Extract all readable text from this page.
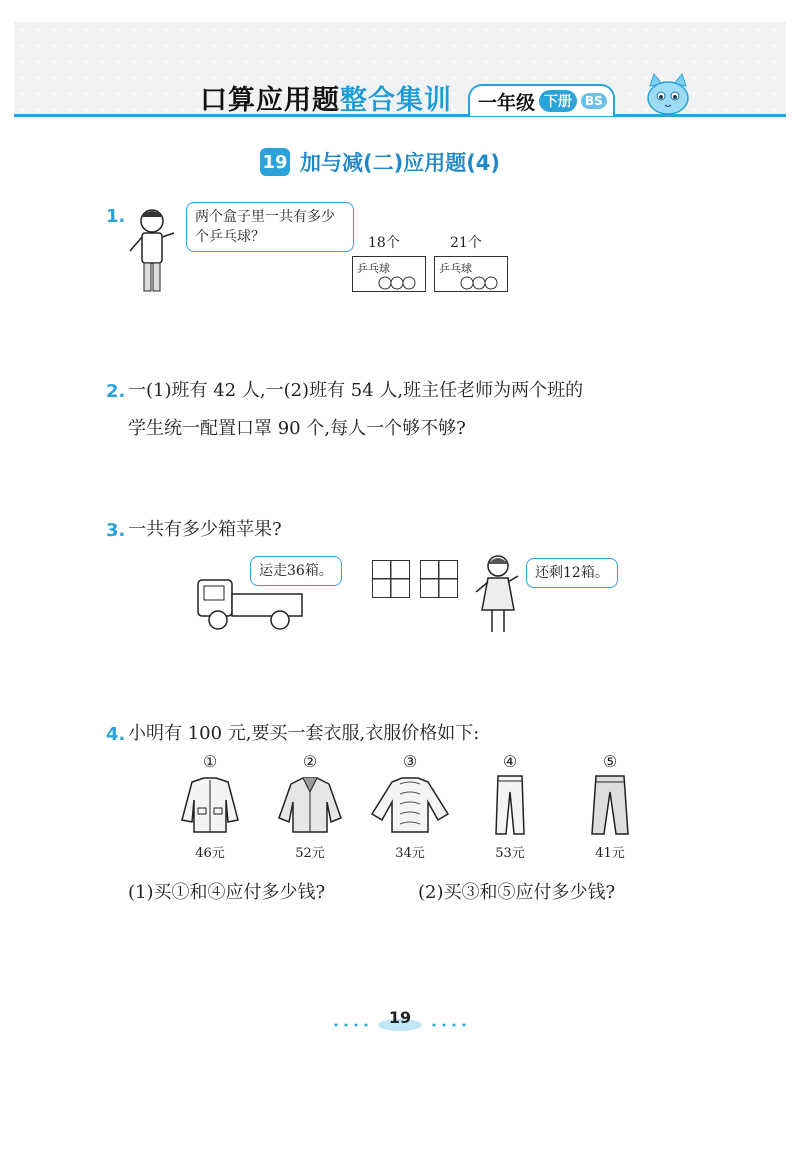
口算应用题整合集训 一年级 下册	BS
19 加与减(二)应用题(4)
1.	两个盒子里一共有多少个乒乓球？	18个	21个
乒乓球	乒乓球
2. 一(1)班有 42 人,一(2)班有 54 人,班主任老师为两个班的
学生统一配置口罩 90 个,每人一个够不够?
3. 一共有多少箱苹果?
运走36箱。	还剩12箱。
4. 小明有 100 元,要买一套衣服,衣服价格如下:
①
46元
②
52元
③
34元
④
53元
⑤
41元
(1)买①和④应付多少钱?	(2)买③和⑤应付多少钱?
19
